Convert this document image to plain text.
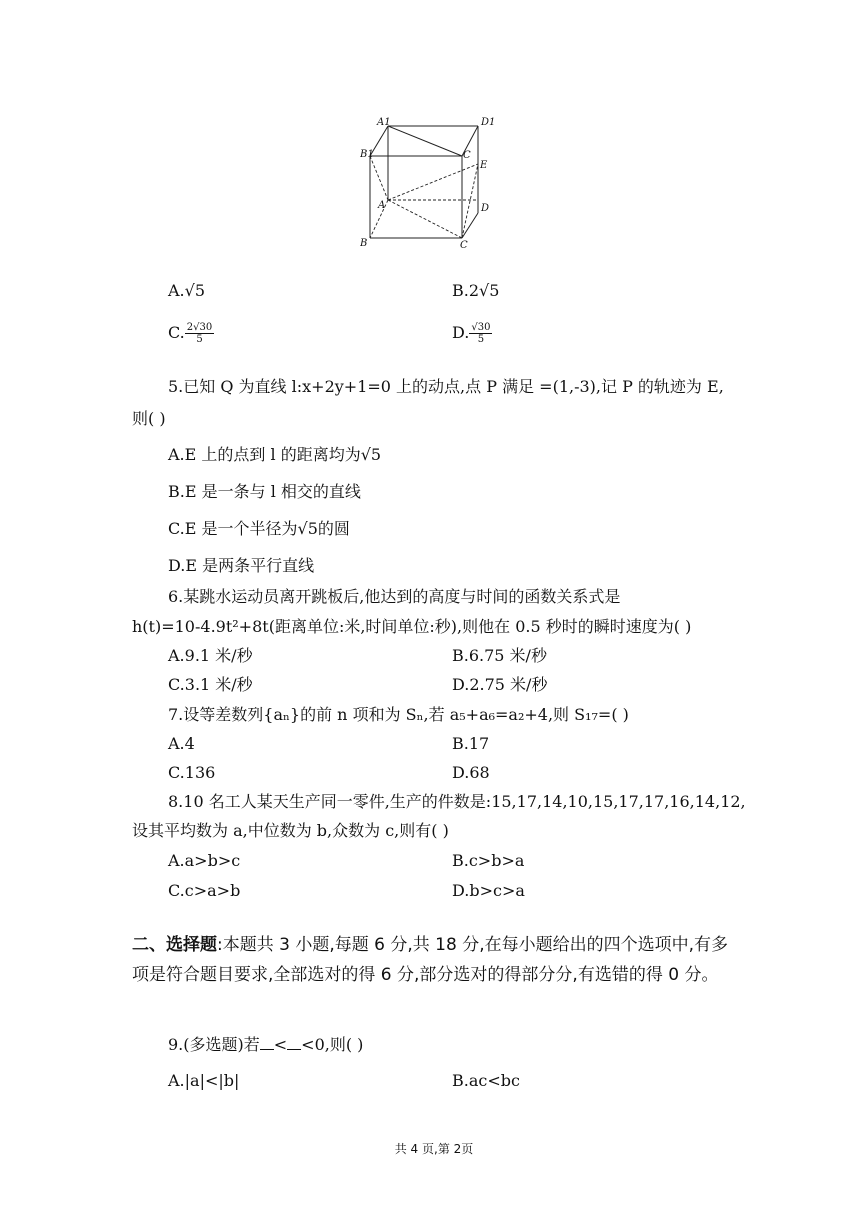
A1	D1
B1	C
E
A	D
B	C
A.√5	B.2√5
C. $\frac{2√30}{5}$	D. $\frac{√30}{5}$
5.已知 Q 为直线 l:x+2y+1=0 上的动点,点 P 满足 =(1,-3),记 P 的轨迹为 E,
则( )
A.E 上的点到 l 的距离均为√5
B.E 是一条与 l 相交的直线
C.E 是一个半径为√5的圆
D.E 是两条平行直线
6.某跳水运动员离开跳板后,他达到的高度与时间的函数关系式是
h(t)=10-4.9t²+8t(距离单位:米,时间单位:秒),则他在 0.5 秒时的瞬时速度为( )
A.9.1 米/秒	B.6.75 米/秒
C.3.1 米/秒	D.2.75 米/秒
7.设等差数列{aₙ}的前 n 项和为 Sₙ,若 a₅+a₆=a₂+4,则 S₁₇=( )
A.4	B.17
C.136	D.68
8.10 名工人某天生产同一零件,生产的件数是:15,17,14,10,15,17,17,16,14,12,
设其平均数为 a,中位数为 b,众数为 c,则有( )
A.a>b>c	B.c>b>a
C.c>a>b	D.b>c>a
二、选择题:本题共 3 小题,每题 6 分,共 18 分,在每小题给出的四个选项中,有多项是符合题目要求,全部选对的得 6 分,部分选对的得部分分,有选错的得 0 分。
9.(多选题)若 < <0,则( )
A.|a|<|b|	B.ac<bc
共 4 页,第 2页
